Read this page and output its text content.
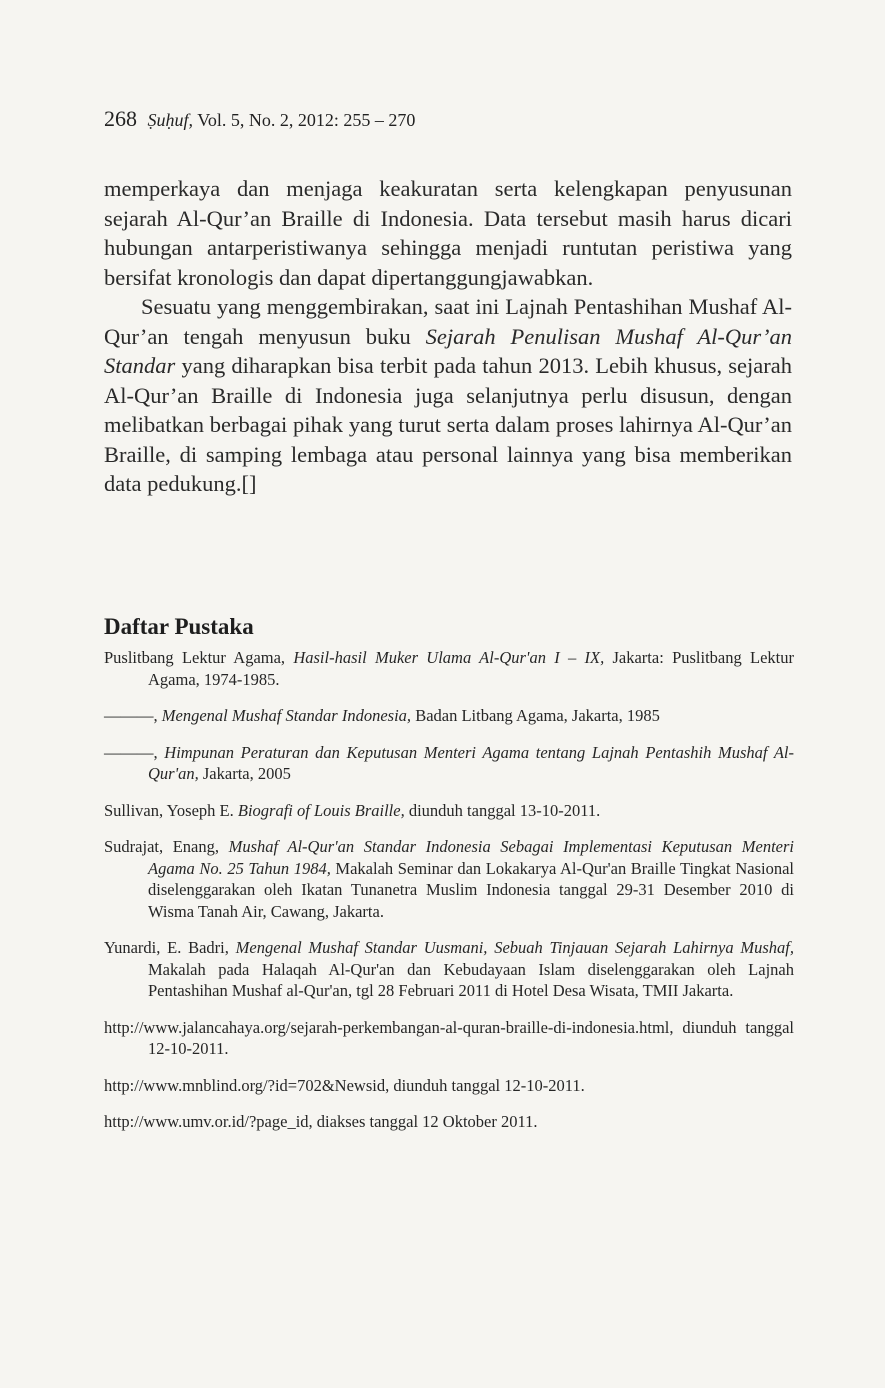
268 Ṣuḥuf, Vol. 5, No. 2, 2012: 255 – 270

memperkaya dan menjaga keakuratan serta kelengkapan penyusunan sejarah Al-Qur’an Braille di Indonesia. Data tersebut masih harus dicari hubungan antarperistiwanya sehingga menjadi runtutan peristiwa yang bersifat kronologis dan dapat dipertanggungjawabkan.

Sesuatu yang menggembirakan, saat ini Lajnah Pentashihan Mushaf Al-Qur’an tengah menyusun buku Sejarah Penulisan Mushaf Al-Qur’an Standar yang diharapkan bisa terbit pada tahun 2013. Lebih khusus, sejarah Al-Qur’an Braille di Indonesia juga selanjutnya perlu disusun, dengan melibatkan berbagai pihak yang turut serta dalam proses lahirnya Al-Qur’an Braille, di samping lembaga atau personal lainnya yang bisa memberikan data pedukung.[]

Daftar Pustaka

Puslitbang Lektur Agama, Hasil-hasil Muker Ulama Al-Qur'an I – IX, Jakarta: Puslitbang Lektur Agama, 1974-1985.

———, Mengenal Mushaf Standar Indonesia, Badan Litbang Agama, Jakarta, 1985

———, Himpunan Peraturan dan Keputusan Menteri Agama tentang Lajnah Pentashih Mushaf Al-Qur'an, Jakarta, 2005

Sullivan, Yoseph E. Biografi of Louis Braille, diunduh tanggal 13-10-2011.

Sudrajat, Enang, Mushaf Al-Qur'an Standar Indonesia Sebagai Implementasi Keputusan Menteri Agama No. 25 Tahun 1984, Makalah Seminar dan Lokakarya Al-Qur'an Braille Tingkat Nasional diselenggarakan oleh Ikatan Tunanetra Muslim Indonesia tanggal 29-31 Desember 2010 di Wisma Tanah Air, Cawang, Jakarta.

Yunardi, E. Badri, Mengenal Mushaf Standar Uusmani, Sebuah Tinjauan Sejarah Lahirnya Mushaf, Makalah pada Halaqah Al-Qur'an dan Kebudayaan Islam diselenggarakan oleh Lajnah Pentashihan Mushaf al-Qur'an, tgl 28 Februari 2011 di Hotel Desa Wisata, TMII Jakarta.

http://www.jalancahaya.org/sejarah-perkembangan-al-quran-braille-di-indonesia.html, diunduh tanggal 12-10-2011.

http://www.mnblind.org/?id=702&Newsid, diunduh tanggal 12-10-2011.

http://www.umv.or.id/?page_id, diakses tanggal 12 Oktober 2011.
